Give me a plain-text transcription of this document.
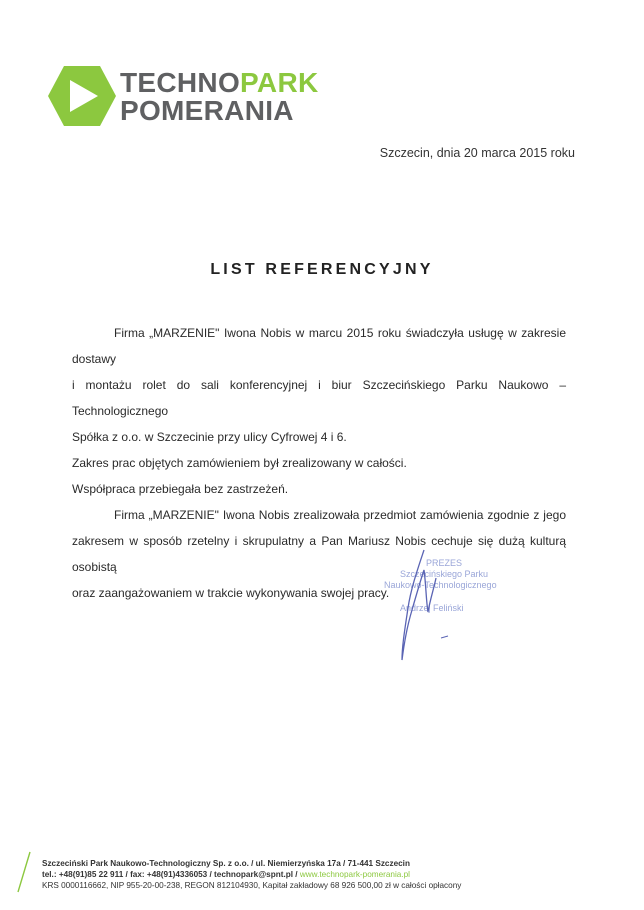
TECHNOPARK
POMERANIA
Szczecin, dnia 20 marca 2015 roku
LIST REFERENCYJNY

Firma „MARZENIE" Iwona Nobis w marcu 2015 roku świadczyła usługę w zakresie dostawy

i montażu rolet do sali konferencyjnej i biur Szczecińskiego Parku Naukowo – Technologicznego

Spółka z o.o. w Szczecinie przy ulicy Cyfrowej 4 i 6.

Zakres prac objętych zamówieniem był zrealizowany w całości.

Współpraca przebiegała bez zastrzeżeń.

Firma „MARZENIE" Iwona Nobis zrealizowała przedmiot zamówienia zgodnie z jego

zakresem w sposób rzetelny i skrupulatny a Pan Mariusz Nobis cechuje się dużą kulturą osobistą

oraz zaangażowaniem w trakcie wykonywania swojej pracy.

PREZES
Szczecińskiego Parku
Naukowo-Technologicznego
Andrzej Feliński
Szczeciński Park Naukowo-Technologiczny Sp. z o.o. / ul. Niemierzyńska 17a / 71-441 Szczecin
tel.: +48(91)85 22 911 / fax: +48(91)4336053 / technopark@spnt.pl / www.technopark-pomerania.pl
KRS 0000116662, NIP 955-20-00-238, REGON 812104930, Kapitał zakładowy 68 926 500,00 zł w całości opłacony
